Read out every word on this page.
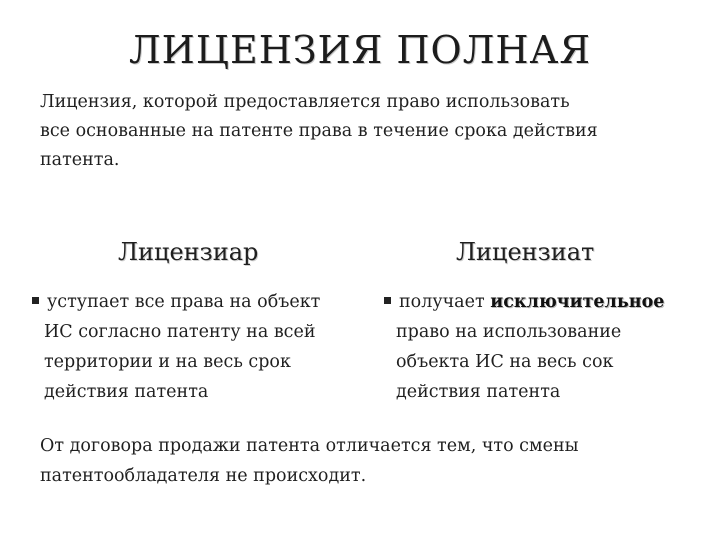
ЛИЦЕНЗИЯ ПОЛНАЯ

Лицензия, которой предоставляется право использовать
все основанные на патенте права в течение срока действия
патента.

Лицензиар	Лицензиат
уступает все права на объект
ИС согласно патенту на всей
территории и на весь срок
действия патента
получает исключительное
право на использование
объекта ИС на весь сок
действия патента

От договора продажи патента отличается тем, что смены
патентообладателя не происходит.
